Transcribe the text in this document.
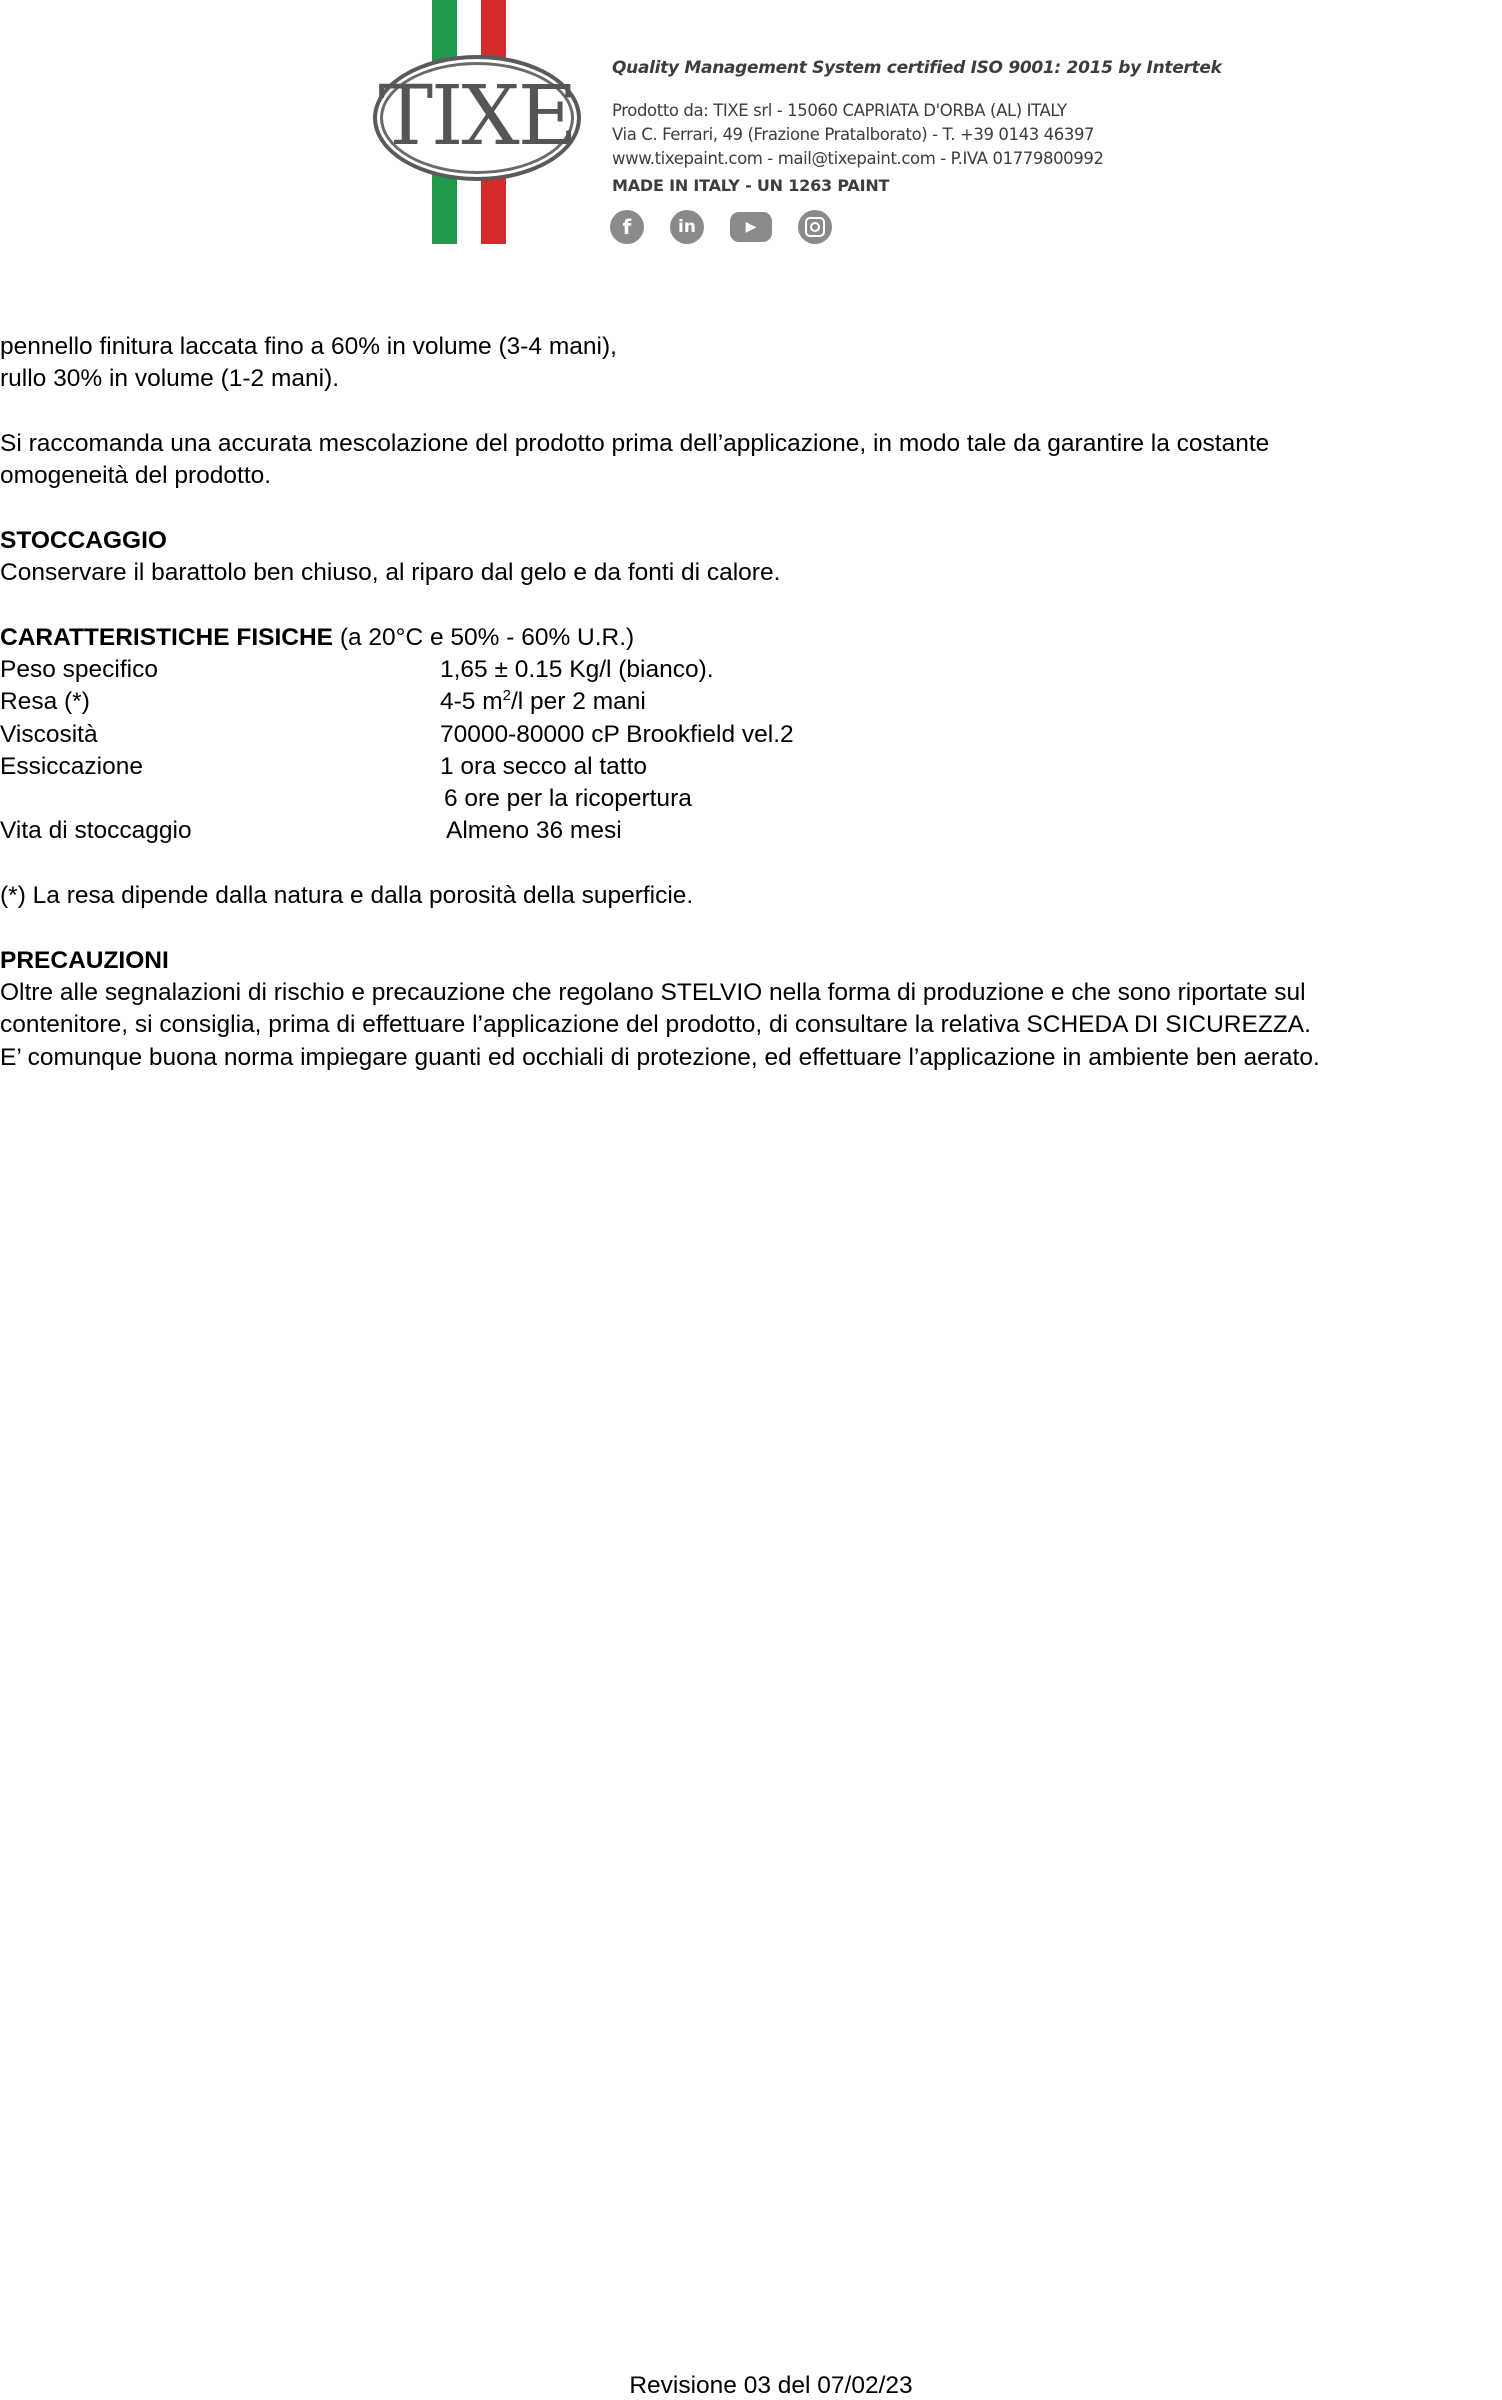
TIXE
Quality Management System certified ISO 9001: 2015 by Intertek
Prodotto da: TIXE srl - 15060 CAPRIATA D'ORBA (AL) ITALY
Via C. Ferrari, 49 (Frazione Pratalborato) - T. +39 0143 46397
www.tixepaint.com - mail@tixepaint.com - P.IVA 01779800992
MADE IN ITALY - UN 1263 PAINT
f	in	▶
pennello finitura laccata fino a 60% in volume (3-4 mani),
rullo 30% in volume (1-2 mani).
Si raccomanda una accurata mescolazione del prodotto prima dell’applicazione, in modo tale da garantire la costante
omogeneità del prodotto.
STOCCAGGIO
Conservare il barattolo ben chiuso, al riparo dal gelo e da fonti di calore.
CARATTERISTICHE FISICHE (a 20°C e 50% - 60% U.R.)
Peso specifico	1,65 ± 0.15 Kg/l (bianco).
Resa (*)	4-5 $m^2/l$ per 2 mani
Viscosità	70000-80000 cP Brookfield vel.2
Essiccazione	1 ora secco al tatto
6 ore per la ricopertura
Vita di stoccaggio	Almeno 36 mesi
(*) La resa dipende dalla natura e dalla porosità della superficie.
PRECAUZIONI
Oltre alle segnalazioni di rischio e precauzione che regolano STELVIO nella forma di produzione e che sono riportate sul
contenitore, si consiglia, prima di effettuare l’applicazione del prodotto, di consultare la relativa SCHEDA DI SICUREZZA.
E’ comunque buona norma impiegare guanti ed occhiali di protezione, ed effettuare l’applicazione in ambiente ben aerato.
Revisione 03 del 07/02/23
